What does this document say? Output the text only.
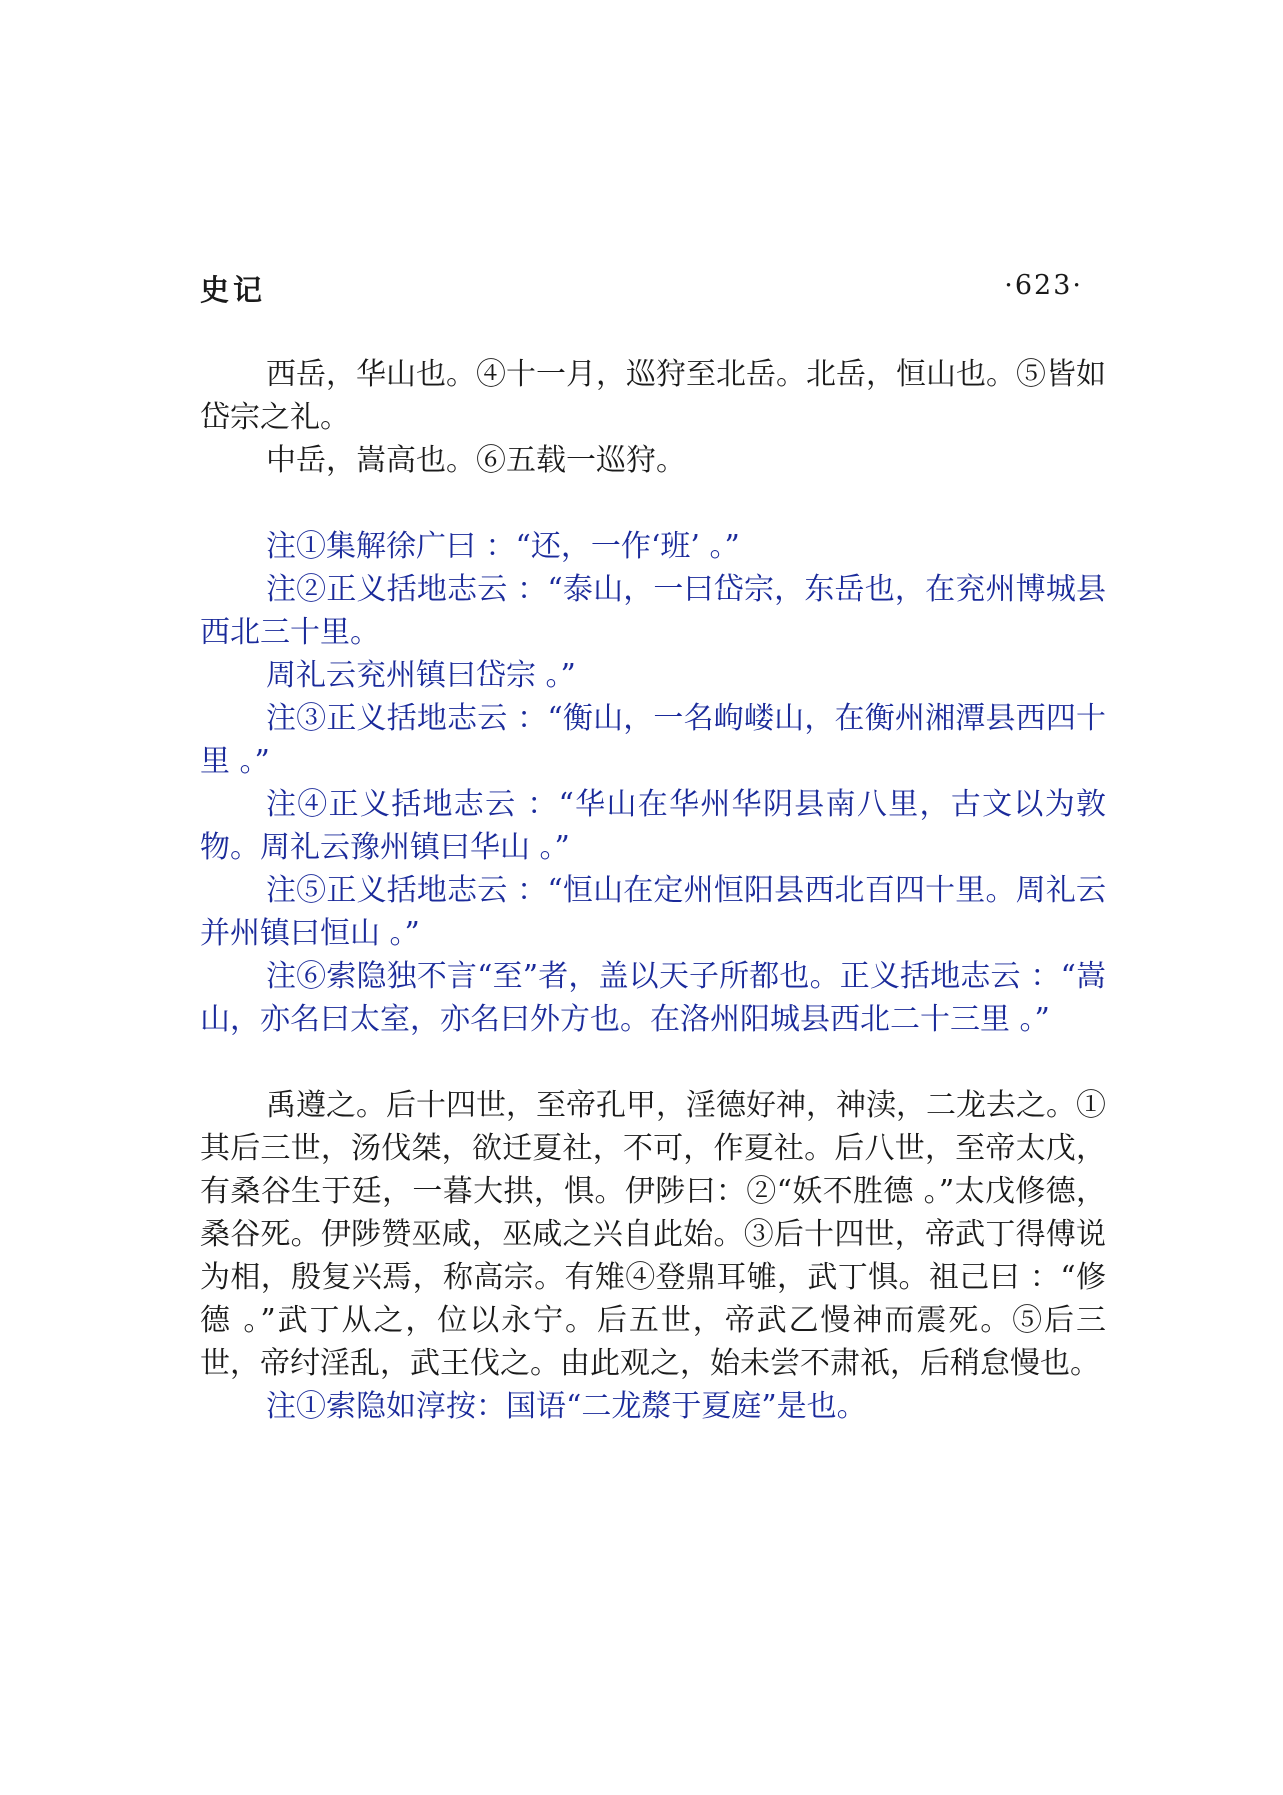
史记	·623·

西岳，华山也。④十一月，巡狩至北岳。北岳，恒山也。⑤皆如岱宗之礼。

中岳，嵩高也。⑥五载一巡狩。

注①集解徐广曰 ：“还，一作‘班’ 。”

注②正义括地志云 ：“泰山，一曰岱宗，东岳也，在兖州博城县西北三十里。

周礼云兖州镇曰岱宗 。”

注③正义括地志云 ：“衡山，一名岣嵝山，在衡州湘潭县西四十里 。”

注④正义括地志云 ：“华山在华州华阴县南八里，古文以为敦物。周礼云豫州镇曰华山 。”

注⑤正义括地志云 ：“恒山在定州恒阳县西北百四十里。周礼云并州镇曰恒山 。”

注⑥索隐独不言“至”者，盖以天子所都也。正义括地志云 ：“嵩山，亦名曰太室，亦名曰外方也。在洛州阳城县西北二十三里 。”

禹遵之。后十四世，至帝孔甲，淫德好神，神渎，二龙去之。①其后三世，汤伐桀，欲迁夏社，不可，作夏社。后八世，至帝太戊，有桑谷生于廷，一暮大拱，惧。伊陟曰：②“妖不胜德 。”太戊修德，桑谷死。伊陟赞巫咸，巫咸之兴自此始。③后十四世，帝武丁得傅说为相，殷复兴焉，称高宗。有雉④登鼎耳雊，武丁惧。祖己曰 ：“修德 。”武丁从之，位以永宁。后五世，帝武乙慢神而震死。⑤后三世，帝纣淫乱，武王伐之。由此观之，始未尝不肃祇，后稍怠慢也。

注①索隐如淳按：国语“二龙漦于夏庭”是也。
